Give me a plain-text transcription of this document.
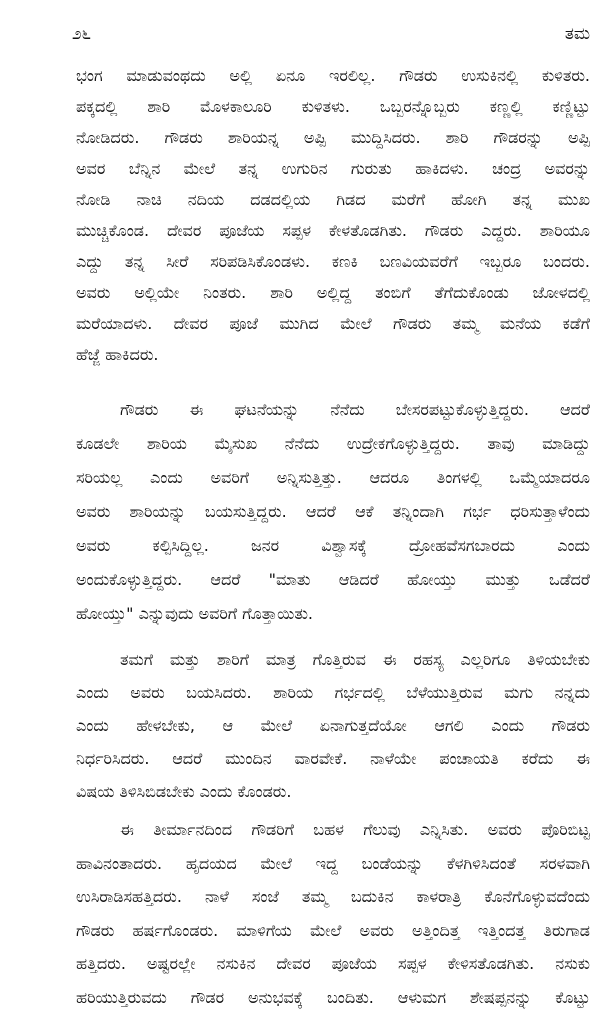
೨೬	ತಮ
ಭಂಗ ಮಾಡುವಂಥದು ಅಲ್ಲಿ ಏನೂ ಇರಲಿಲ್ಲ. ಗೌಡರು ಉಸುಕಿನಲ್ಲಿ ಕುಳಿತರು.
ಪಕ್ಕದಲ್ಲಿ ಶಾರಿ ಮೊಳಕಾಲೂರಿ ಕುಳಿತಳು. ಒಬ್ಬರನ್ನೊಬ್ಬರು ಕಣ್ಣಲ್ಲಿ ಕಣ್ಣಿಟ್ಟು
ನೋಡಿದರು. ಗೌಡರು ಶಾರಿಯನ್ನ ಅಪ್ಪಿ ಮುದ್ದಿಸಿದರು. ಶಾರಿ ಗೌಡರನ್ನು ಅಪ್ಪಿ
ಅವರ ಬೆನ್ನಿನ ಮೇಲೆ ತನ್ನ ಉಗುರಿನ ಗುರುತು ಹಾಕಿದಳು. ಚಂದ್ರ ಅವರನ್ನು
ನೋಡಿ ನಾಚಿ ನದಿಯ ದಡದಲ್ಲಿಯ ಗಿಡದ ಮರೆಗೆ ಹೋಗಿ ತನ್ನ ಮುಖ
ಮುಚ್ಚಿಕೊಂಡ. ದೇವರ ಪೂಜೆಯ ಸಪ್ಪಳ ಕೇಳತೊಡಗಿತು. ಗೌಡರು ಎದ್ದರು. ಶಾರಿಯೂ
ಎದ್ದು ತನ್ನ ಸೀರೆ ಸರಿಪಡಿಸಿಕೊಂಡಳು. ಕಣಕಿ ಬಣವಿಯವರೆಗೆ ಇಬ್ಬರೂ ಬಂದರು.
ಅವರು ಅಲ್ಲಿಯೇ ನಿಂತರು. ಶಾರಿ ಅಲ್ಲಿದ್ದ ತಂಬಿಗೆ ತೆಗೆದುಕೊಂಡು ಜೋಳದಲ್ಲಿ
ಮರೆಯಾದಳು. ದೇವರ ಪೂಜೆ ಮುಗಿದ ಮೇಲೆ ಗೌಡರು ತಮ್ಮ ಮನೆಯ ಕಡೆಗೆ
ಹೆಜ್ಜೆ ಹಾಕಿದರು.
ಗೌಡರು ಈ ಘಟನೆಯನ್ನು ನೆನೆದು ಬೇಸರಪಟ್ಟುಕೊಳ್ಳುತ್ತಿದ್ದರು. ಆದರೆ
ಕೂಡಲೇ ಶಾರಿಯ ಮೈಸುಖ ನೆನೆದು ಉದ್ರೇಕಗೊಳ್ಳುತ್ತಿದ್ದರು. ತಾವು ಮಾಡಿದ್ದು
ಸರಿಯಲ್ಲ ಎಂದು ಅವರಿಗೆ ಅನ್ನಿಸುತ್ತಿತ್ತು. ಆದರೂ ತಿಂಗಳಲ್ಲಿ ಒಮ್ಮೆಯಾದರೂ
ಅವರು ಶಾರಿಯನ್ನು ಬಯಸುತ್ತಿದ್ದರು. ಆದರೆ ಆಕೆ ತನ್ನಿಂದಾಗಿ ಗರ್ಭ ಧರಿಸುತ್ತಾಳೆಂದು
ಅವರು ಕಲ್ಪಿಸಿದ್ದಿಲ್ಲ. ಜನರ ವಿಶ್ವಾಸಕ್ಕೆ ದ್ರೋಹವೆಸಗಬಾರದು ಎಂದು
ಅಂದುಕೊಳ್ಳುತ್ತಿದ್ದರು. ಆದರೆ "ಮಾತು ಆಡಿದರೆ ಹೋಯ್ತು ಮುತ್ತು ಒಡೆದರೆ
ಹೋಯ್ತು" ಎನ್ನುವುದು ಅವರಿಗೆ ಗೊತ್ತಾಯಿತು.
ತಮಗೆ ಮತ್ತು ಶಾರಿಗೆ ಮಾತ್ರ ಗೊತ್ತಿರುವ ಈ ರಹಸ್ಯ ಎಲ್ಲರಿಗೂ ತಿಳಿಯಬೇಕು
ಎಂದು ಅವರು ಬಯಸಿದರು. ಶಾರಿಯ ಗರ್ಭದಲ್ಲಿ ಬೆಳೆಯುತ್ತಿರುವ ಮಗು ನನ್ನದು
ಎಂದು ಹೇಳಬೇಕು, ಆ ಮೇಲೆ ಏನಾಗುತ್ತದೆಯೋ ಆಗಲಿ ಎಂದು ಗೌಡರು
ನಿರ್ಧರಿಸಿದರು. ಆದರೆ ಮುಂದಿನ ವಾರವೇಕೆ. ನಾಳೆಯೇ ಪಂಚಾಯತಿ ಕರೆದು ಈ
ವಿಷಯ ತಿಳಿಸಿಬಿಡಬೇಕು ಎಂದು ಕೊಂಡರು.
ಈ ತೀರ್ಮಾನದಿಂದ ಗೌಡರಿಗೆ ಬಹಳ ಗೆಲುವು ಎನ್ನಿಸಿತು. ಅವರು ಪೊರಿಬಿಟ್ಟ
ಹಾವಿನಂತಾದರು. ಹೃದಯದ ಮೇಲೆ ಇದ್ದ ಬಂಡೆಯನ್ನು ಕೆಳಗಿಳಿಸಿದಂತೆ ಸರಳವಾಗಿ
ಉಸಿರಾಡಿಸಹತ್ತಿದರು. ನಾಳೆ ಸಂಜೆ ತಮ್ಮ ಬದುಕಿನ ಕಾಳರಾತ್ರಿ ಕೊನೆಗೊಳ್ಳುವದೆಂದು
ಗೌಡರು ಹರ್ಷಗೊಂಡರು. ಮಾಳಿಗೆಯ ಮೇಲೆ ಅವರು ಅತ್ತಿಂದಿತ್ತ ಇತ್ತಿಂದತ್ತ ತಿರುಗಾಡ
ಹತ್ತಿದರು. ಅಷ್ಟರಲ್ಲೇ ನಸುಕಿನ ದೇವರ ಪೂಜೆಯ ಸಪ್ಪಳ ಕೇಳಿಸತೊಡಗಿತು. ನಸುಕು
ಹರಿಯುತ್ತಿರುವದು ಗೌಡರ ಅನುಭವಕ್ಕೆ ಬಂದಿತು. ಆಳುಮಗ ಶೇಷಪ್ಪನನ್ನು ಕೊಟ್ಟು
